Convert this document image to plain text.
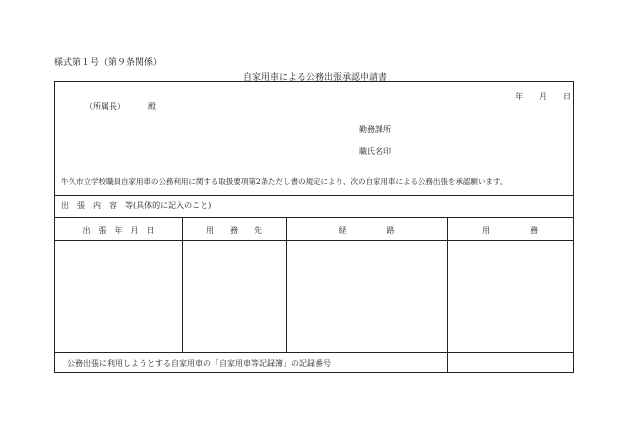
様式第１号（第９条関係）
自家用車による公務出張承認申請書
年 月 日
（所属長）	殿
勤務課所
職氏名印
牛久市立学校職員自家用車の公務利用に関する取扱要項第2条ただし書の規定により、次の自家用車による公務出張を承認願います。
出　張　内　容　等(具体的に記入のこと)
出　張　年　月　日	用　　務　　先	経　　　　　路	用　　　　　務
公務出張に利用しようとする自家用車の「自家用車等記録簿」の記録番号
